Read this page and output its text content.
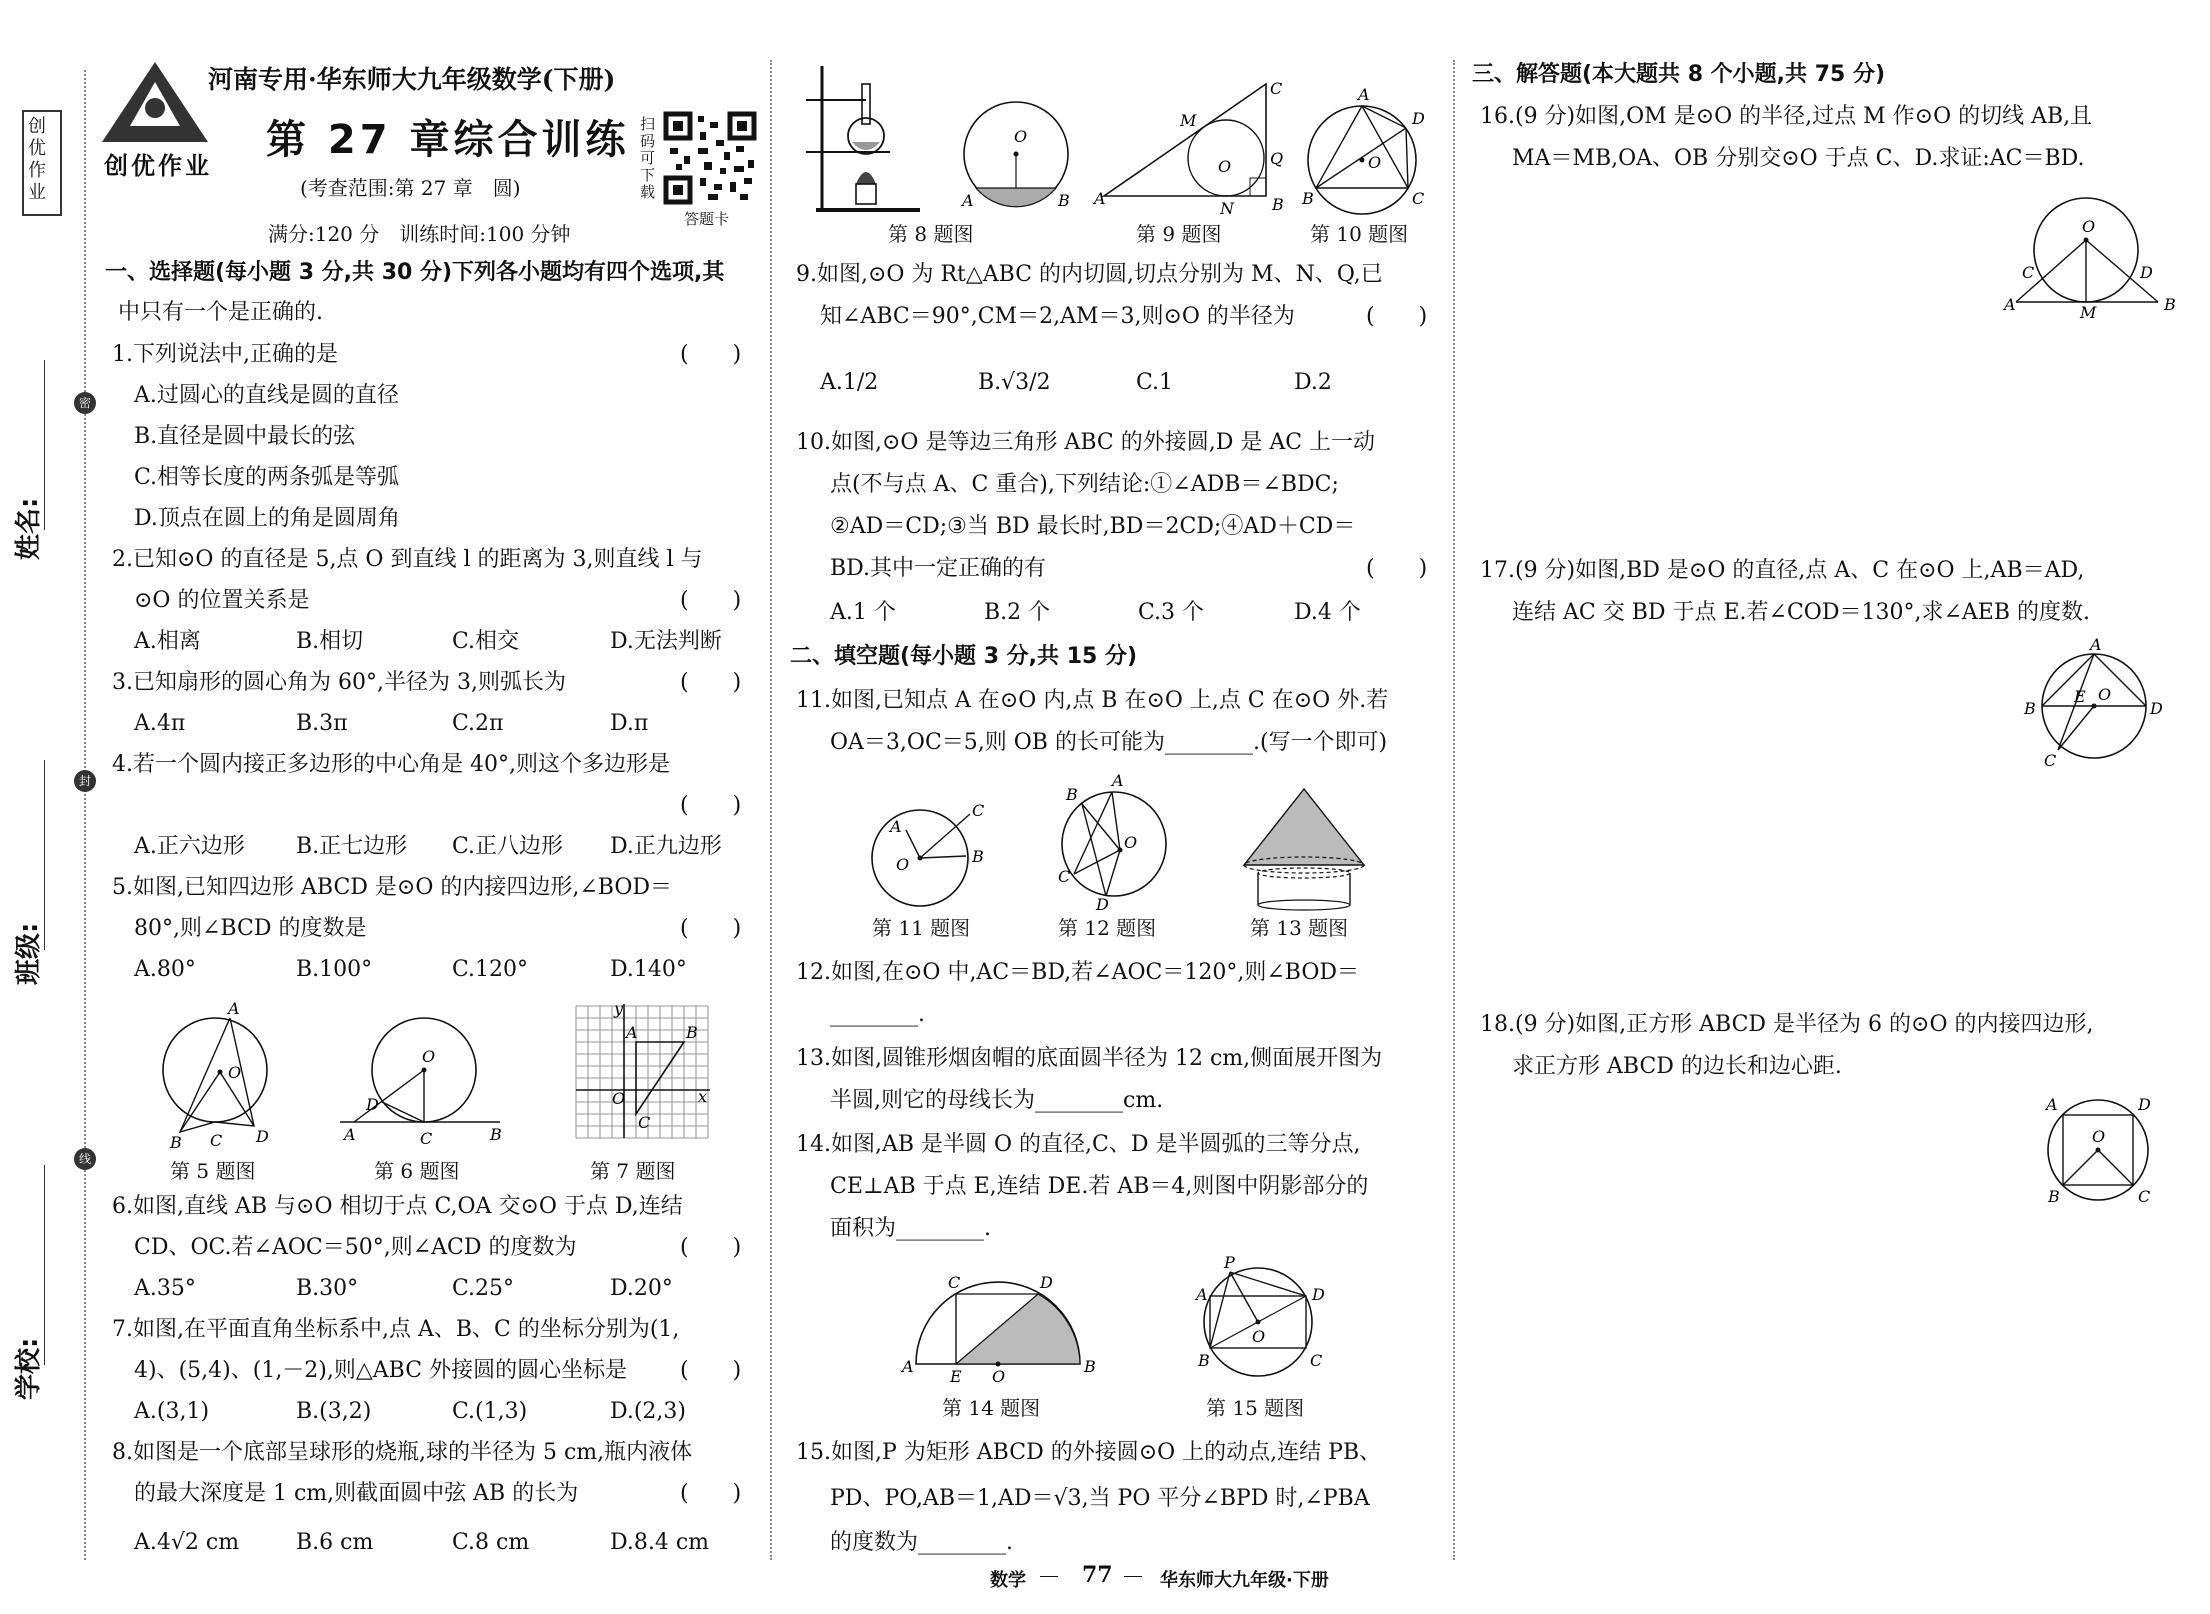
创优作业
密
封
线
姓名:
班级:
学校:
创优作业
河南专用·华东师大九年级数学(下册)
第 27 章综合训练
(考查范围:第 27 章　圆)
满分:120 分　训练时间:100 分钟
扫码可下载
答题卡
一、选择题(每小题 3 分,共 30 分)下列各小题均有四个选项,其
中只有一个是正确的.
1.下列说法中,正确的是	(　　)
A.过圆心的直线是圆的直径
B.直径是圆中最长的弦
C.相等长度的两条弧是等弧
D.顶点在圆上的角是圆周角
2.已知⊙O 的直径是 5,点 O 到直线 l 的距离为 3,则直线 l 与
⊙O 的位置关系是	(　　)
A.相离	B.相切	C.相交	D.无法判断
3.已知扇形的圆心角为 60°,半径为 3,则弧长为	(　　)
A.4π	B.3π	C.2π	D.π
4.若一个圆内接正多边形的中心角是 40°,则这个多边形是
(　　)
A.正六边形 B.正七边形 C.正八边形 D.正九边形
5.如图,已知四边形 ABCD 是⊙O 的内接四边形,∠BOD＝
80°,则∠BCD 的度数是	(　　)
A.80°	B.100°	C.120°	D.140°
A
O
B C D
第 5 题图
O
D
A	C	B
第 6 题图
y
O
A	B
C
x
第 7 题图
6.如图,直线 AB 与⊙O 相切于点 C,OA 交⊙O 于点 D,连结
CD、OC.若∠AOC＝50°,则∠ACD 的度数为	(　　)
A.35°	B.30°	C.25°	D.20°
7.如图,在平面直角坐标系中,点 A、B、C 的坐标分别为(1,
4)、(5,4)、(1,－2),则△ABC 外接圆的圆心坐标是 (　　)
A.(3,1)	B.(3,2)	C.(1,3)	D.(2,3)
8.如图是一个底部呈球形的烧瓶,球的半径为 5 cm,瓶内液体
的最大深度是 1 cm,则截面圆中弦 AB 的长为	(　　)
A.4√2 cm	B.6 cm	C.8 cm	D.8.4 cm
O
A	B
第 8 题图
A	B
C
M
N
Q
O
第 9 题图
A
D
O
B	C
第 10 题图
9.如图,⊙O 为 Rt△ABC 的内切圆,切点分别为 M、N、Q,已
知∠ABC＝90°,CM＝2,AM＝3,则⊙O 的半径为	(　　)
A.1/2	B.√3/2	C.1	D.2
10.如图,⊙O 是等边三角形 ABC 的外接圆,D 是 AC 上一动
点(不与点 A、C 重合),下列结论:①∠ADB＝∠BDC;
②AD＝CD;③当 BD 最长时,BD＝2CD;④AD＋CD＝
BD.其中一定正确的有	(　　)
A.1 个	B.2 个	C.3 个	D.4 个
二、填空题(每小题 3 分,共 15 分)
11.如图,已知点 A 在⊙O 内,点 B 在⊙O 上,点 C 在⊙O 外.若
OA＝3,OC＝5,则 OB 的长可能为________.(写一个即可)
A
O	B
C
第 11 题图
B
A
O
C
D
第 12 题图	第 13 题图
12.如图,在⊙O 中,AC＝BD,若∠AOC＝120°,则∠BOD＝
________.
13.如图,圆锥形烟囱帽的底面圆半径为 12 cm,侧面展开图为
半圆,则它的母线长为________cm.
14.如图,AB 是半圆 O 的直径,C、D 是半圆弧的三等分点,
CE⊥AB 于点 E,连结 DE.若 AB＝4,则图中阴影部分的
面积为________.
C	D
A
E O
B
第 14 题图
P
A	D
O
B	C
第 15 题图
15.如图,P 为矩形 ABCD 的外接圆⊙O 上的动点,连结 PB、
PD、PO,AB＝1,AD＝√3,当 PO 平分∠BPD 时,∠PBA
的度数为________.
三、解答题(本大题共 8 个小题,共 75 分)
16.(9 分)如图,OM 是⊙O 的半径,过点 M 作⊙O 的切线 AB,且
MA＝MB,OA、OB 分别交⊙O 于点 C、D.求证:AC＝BD.
O
C	D
A	M	B
17.(9 分)如图,BD 是⊙O 的直径,点 A、C 在⊙O 上,AB＝AD,
连结 AC 交 BD 于点 E.若∠COD＝130°,求∠AEB 的度数.
A
B
E O
D
C
18.(9 分)如图,正方形 ABCD 是半径为 6 的⊙O 的内接四边形,
求正方形 ABCD 的边长和边心距.
A	D
O
B	C
数学	77	华东师大九年级·下册
